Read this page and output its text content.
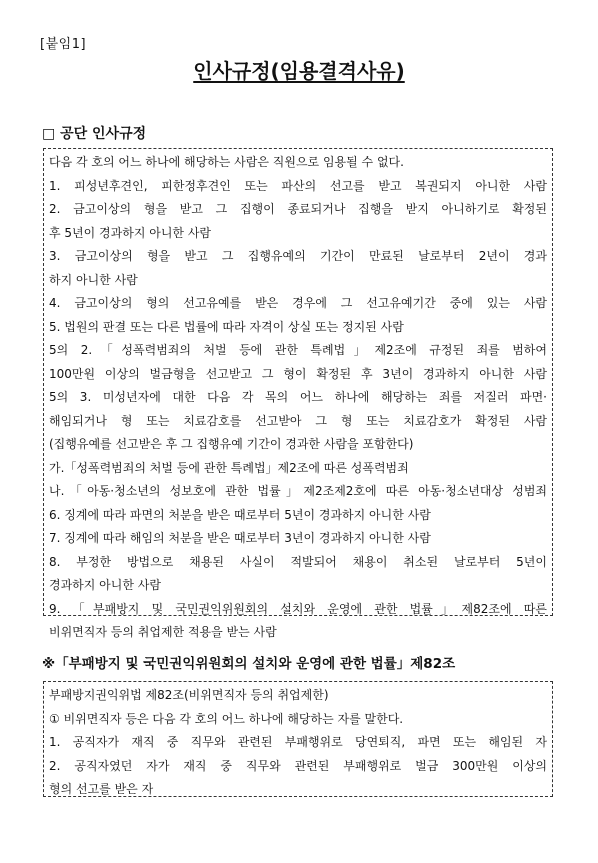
[붙임1]
인사규정(임용결격사유)
□ 공단 인사규정
다음 각 호의 어느 하나에 해당하는 사람은 직원으로 임용될 수 없다.
1. 피성년후견인, 피한정후견인 또는 파산의 선고를 받고 복권되지 아니한 사람
2. 금고이상의 형을 받고 그 집행이 종료되거나 집행을 받지 아니하기로 확정된
후 5년이 경과하지 아니한 사람
3. 금고이상의 형을 받고 그 집행유예의 기간이 만료된 날로부터 2년이 경과
하지 아니한 사람
4. 금고이상의 형의 선고유예를 받은 경우에 그 선고유예기간 중에 있는 사람
5. 법원의 판결 또는 다른 법률에 따라 자격이 상실 또는 정지된 사람
5의 2.「성폭력범죄의 처벌 등에 관한 특례법」제2조에 규정된 죄를 범하여
100만원 이상의 벌금형을 선고받고 그 형이 확정된 후 3년이 경과하지 아니한 사람
5의 3. 미성년자에 대한 다음 각 목의 어느 하나에 해당하는 죄를 저질러 파면·
해임되거나 형 또는 치료감호를 선고받아 그 형 또는 치료감호가 확정된 사람
(집행유예를 선고받은 후 그 집행유예 기간이 경과한 사람을 포함한다)
가.「성폭력범죄의 처벌 등에 관한 특례법」제2조에 따른 성폭력범죄
나.「아동·청소년의 성보호에 관한 법률」제2조제2호에 따른 아동·청소년대상 성범죄
6. 징계에 따라 파면의 처분을 받은 때로부터 5년이 경과하지 아니한 사람
7. 징계에 따라 해임의 처분을 받은 때로부터 3년이 경과하지 아니한 사람
8. 부정한 방법으로 채용된 사실이 적발되어 채용이 취소된 날로부터 5년이
경과하지 아니한 사람
9. 「부패방지 및 국민권익위원회의 설치와 운영에 관한 법률」제82조에 따른
비위면직자 등의 취업제한 적용을 받는 사람
※「부패방지 및 국민권익위원회의 설치와 운영에 관한 법률」제82조
부패방지권익위법 제82조(비위면직자 등의 취업제한)
① 비위면직자 등은 다음 각 호의 어느 하나에 해당하는 자를 말한다.
1. 공직자가 재직 중 직무와 관련된 부패행위로 당연퇴직, 파면 또는 해임된 자
2. 공직자였던 자가 재직 중 직무와 관련된 부패행위로 벌금 300만원 이상의
형의 선고를 받은 자
